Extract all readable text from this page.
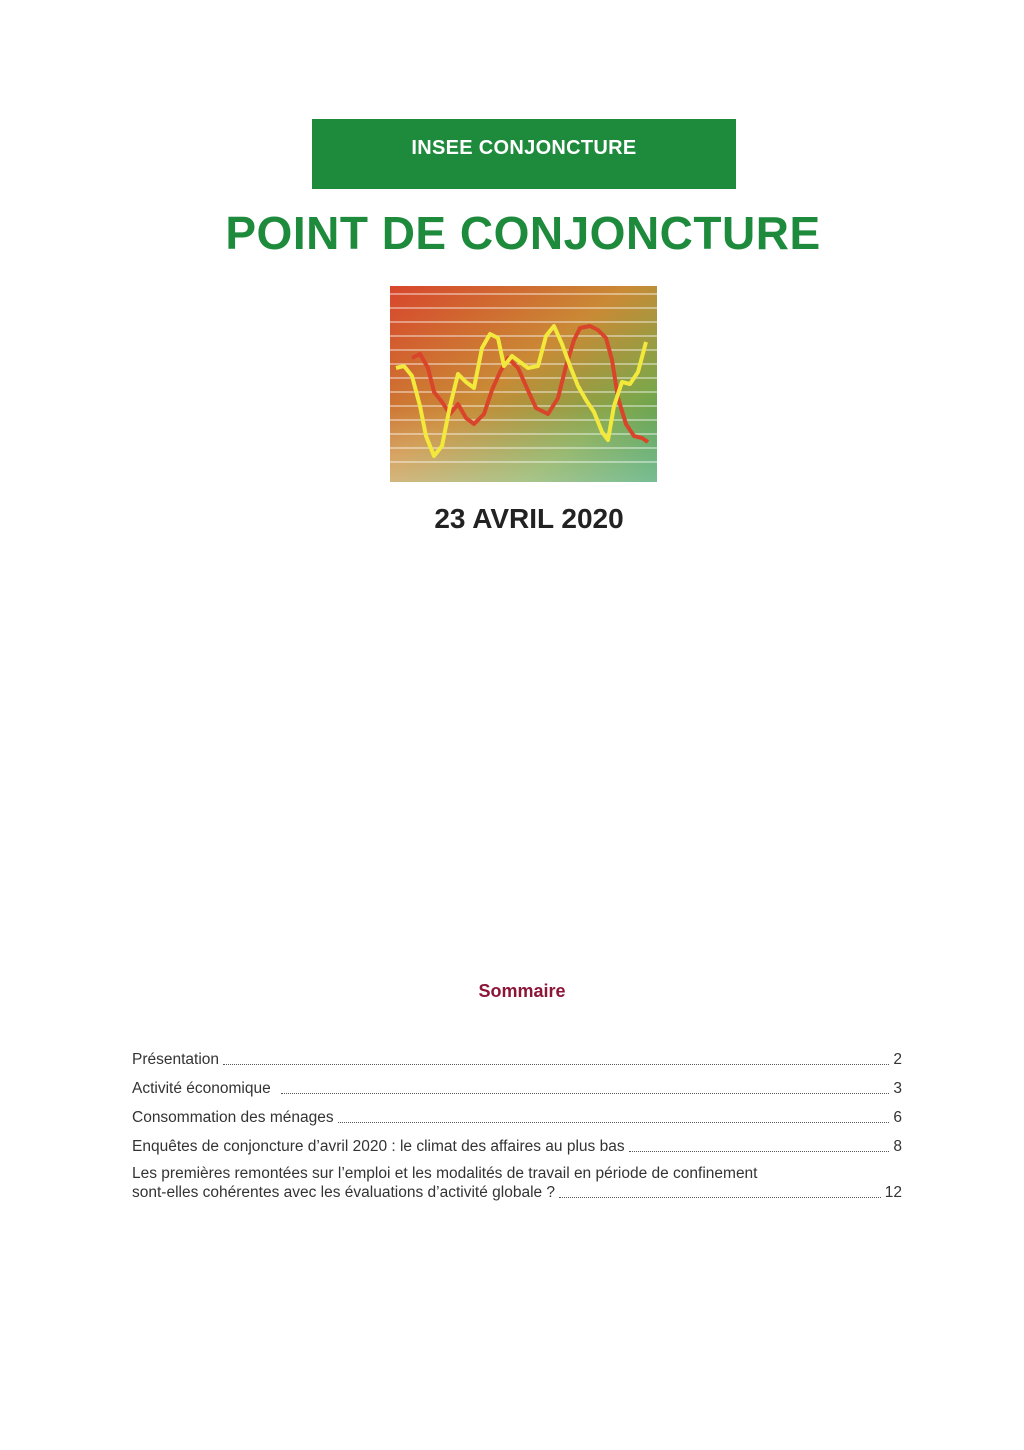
INSEE CONJONCTURE
POINT DE CONJONCTURE
23 AVRIL 2020
Sommaire
Présentation	2
Activité économique	3
Consommation des ménages	6
Enquêtes de conjoncture d’avril 2020 : le climat des affaires au plus bas	8
Les premières remontées sur l’emploi et les modalités de travail en période de confinement
sont-elles cohérentes avec les évaluations d’activité globale ?	12
